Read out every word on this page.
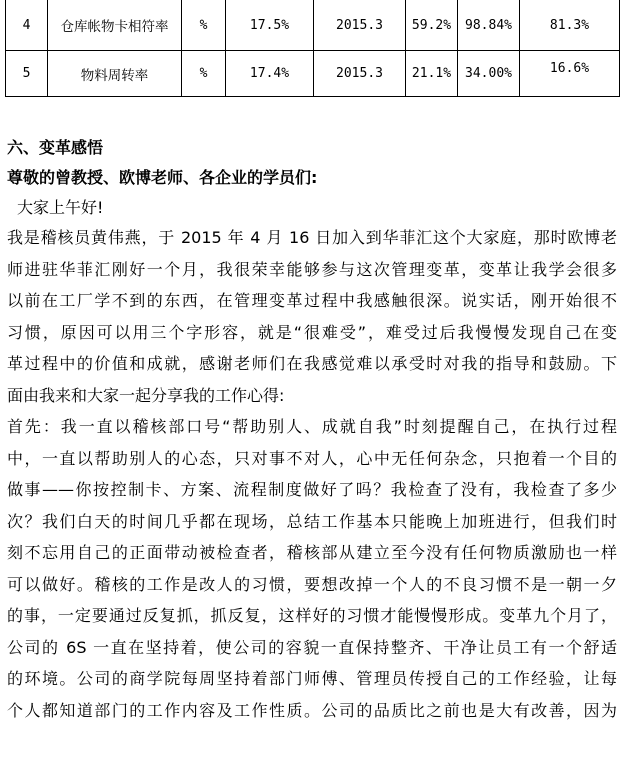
4	仓库帐物卡相符率	%	17.5%	2015.3	59.2%	98.84%	81.3%
5	物料周转率	%	17.4%	2015.3	21.1%	34.00%	16.6%

六、变革感悟

尊敬的曾教授、欧博老师、各企业的学员们:

大家上午好!

我是稽核员黄伟燕，于 2015 年 4 月 16 日加入到华菲汇这个大家庭，那时欧博老

师进驻华菲汇刚好一个月，我很荣幸能够参与这次管理变革，变革让我学会很多

以前在工厂学不到的东西，在管理变革过程中我感触很深。说实话，刚开始很不

习惯，原因可以用三个字形容，就是“很难受”，难受过后我慢慢发现自己在变

革过程中的价值和成就，感谢老师们在我感觉难以承受时对我的指导和鼓励。下

面由我来和大家一起分享我的工作心得:

首先：我一直以稽核部口号“帮助别人、成就自我”时刻提醒自己，在执行过程

中，一直以帮助别人的心态，只对事不对人，心中无任何杂念，只抱着一个目的

做事——你按控制卡、方案、流程制度做好了吗？我检查了没有，我检查了多少

次？我们白天的时间几乎都在现场，总结工作基本只能晚上加班进行，但我们时

刻不忘用自己的正面带动被检查者，稽核部从建立至今没有任何物质激励也一样

可以做好。稽核的工作是改人的习惯，要想改掉一个人的不良习惯不是一朝一夕

的事，一定要通过反复抓，抓反复，这样好的习惯才能慢慢形成。变革九个月了，

公司的 6S 一直在坚持着，使公司的容貌一直保持整齐、干净让员工有一个舒适

的环境。公司的商学院每周坚持着部门师傅、管理员传授自己的工作经验，让每

个人都知道部门的工作内容及工作性质。公司的品质比之前也是大有改善，因为
